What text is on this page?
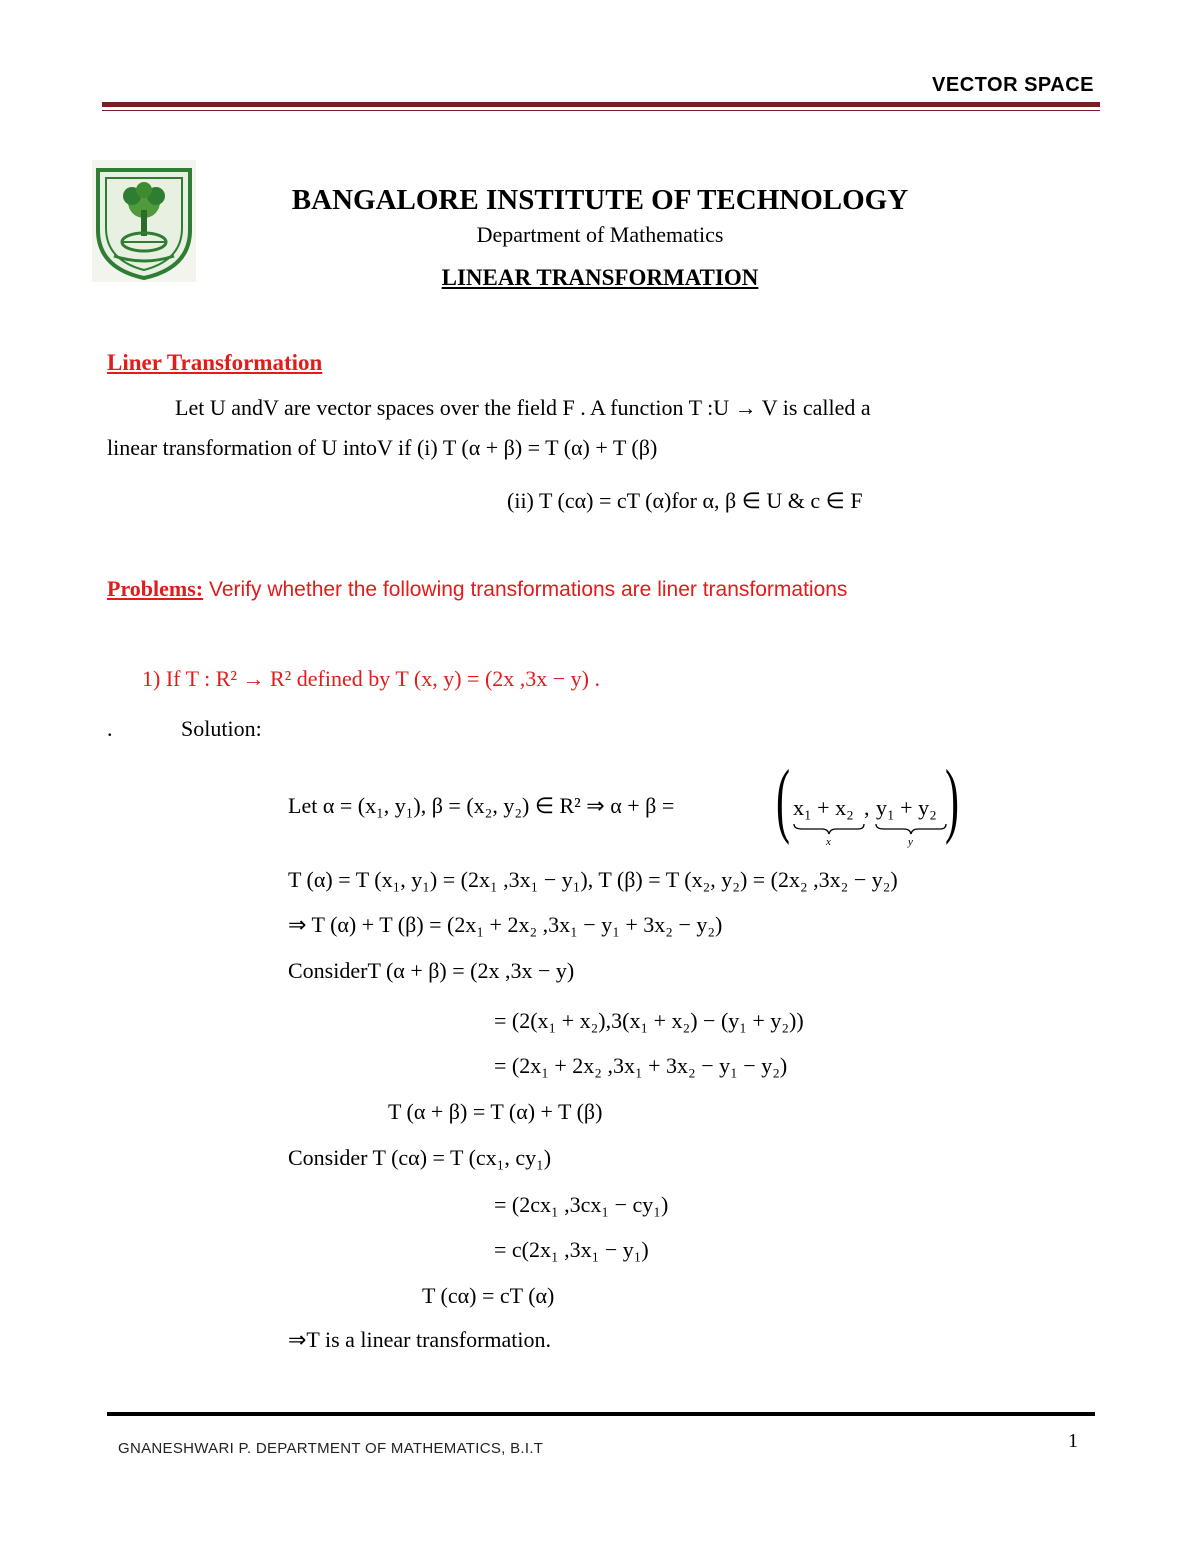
VECTOR SPACE
BANGALORE INSTITUTE OF TECHNOLOGY
Department of Mathematics
LINEAR TRANSFORMATION
Liner Transformation
Let U andV are vector spaces over the field F . A function T :U → V is called a
linear transformation of U intoV if (i) T (α + β) = T (α) + T (β)
(ii) T (cα) = cT (α)for α, β ∈ U & c ∈ F
Problems: Verify whether the following transformations are liner transformations
1) If T : R² → R² defined by T (x, y) = (2x ,3x − y) .
.	Solution:
Let α = (x₁, y₁), β = (x₂, y₂) ∈ R² ⇒ α + β = ( x₁ + x₂ , y₁ + y₂ )
x	y
T (α) = T (x₁, y₁) = (2x₁ ,3x₁ − y₁), T (β) = T (x₂, y₂) = (2x₂ ,3x₂ − y₂)
⇒ T (α) + T (β) = (2x₁ + 2x₂ ,3x₁ − y₁ + 3x₂ − y₂)
ConsiderT (α + β) = (2x ,3x − y)
= (2(x₁ + x₂),3(x₁ + x₂) − (y₁ + y₂))
= (2x₁ + 2x₂ ,3x₁ + 3x₂ − y₁ − y₂)
T (α + β) = T (α) + T (β)
Consider T (cα) = T (cx₁, cy₁)
= (2cx₁ ,3cx₁ − cy₁)
= c(2x₁ ,3x₁ − y₁)
T (cα) = cT (α)
⇒T is a linear transformation.
GNANESHWARI P. DEPARTMENT OF MATHEMATICS, B.I.T	1
